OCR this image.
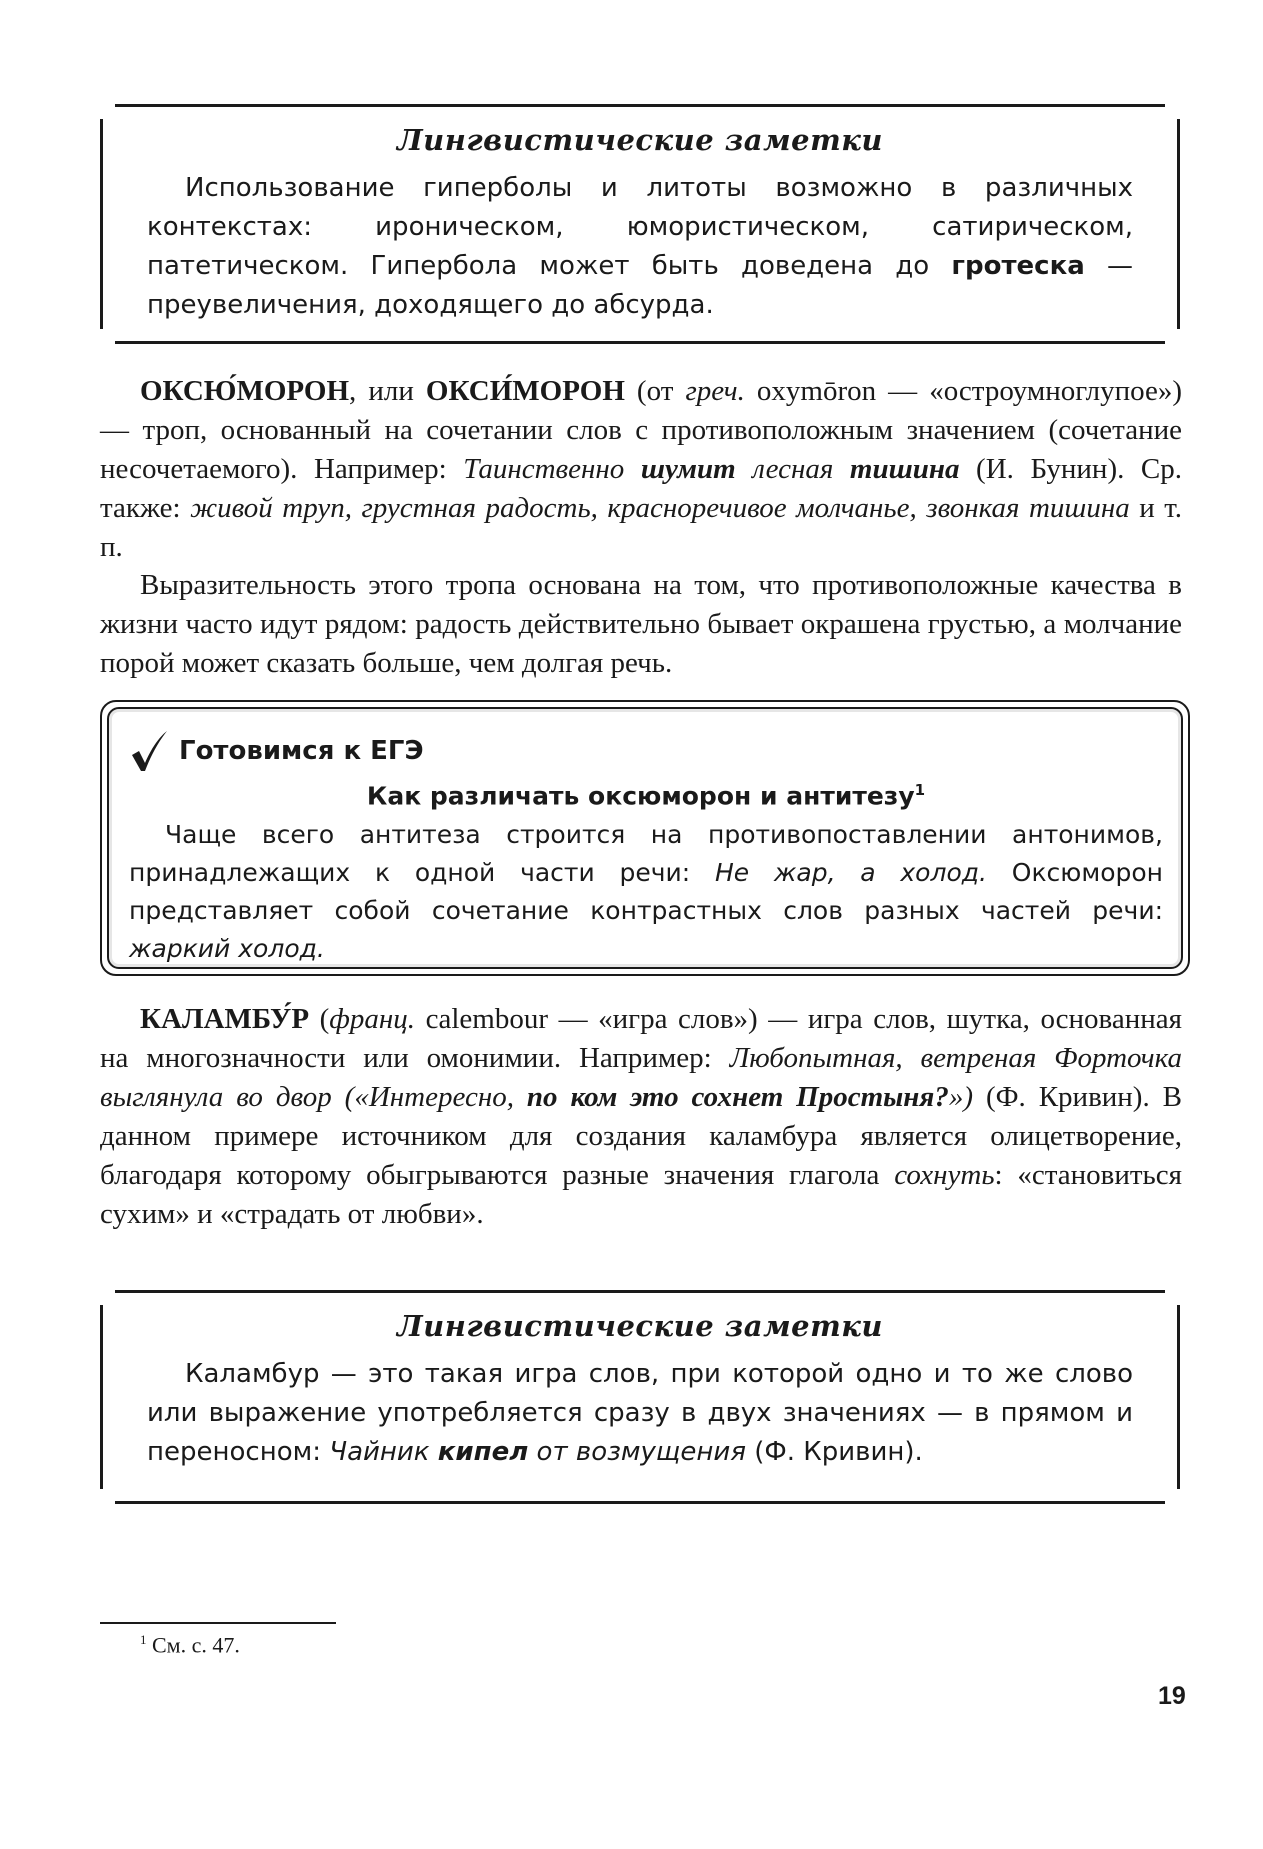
Лингвистические заметки

Использование гиперболы и литоты возможно в различных контекстах: ироническом, юмористическом, сатирическом, патетическом. Гипербола может быть доведена до гротеска — преувеличения, доходящего до абсурда.

ОКСЮ́МОРОН, или ОКСИ́МОРОН (от греч. oxymōron — «остроумноглупое») — троп, основанный на сочетании слов с противоположным значением (сочетание несочетаемого). Например: Таинственно шумит лесная тишина (И. Бунин). Ср. также: живой труп, грустная радость, красноречивое молчанье, звонкая тишина и т. п.

Выразительность этого тропа основана на том, что противоположные качества в жизни часто идут рядом: радость действительно бывает окрашена грустью, а молчание порой может сказать больше, чем долгая речь.

Готовимся к ЕГЭ
Как различать оксюморон и антитезу$^1$

Чаще всего антитеза строится на противопоставлении антонимов, принадлежащих к одной части речи: Не жар, а холод. Оксюморон представляет собой сочетание контрастных слов разных частей речи: жаркий холод.

КАЛАМБУ́Р (франц. calembour — «игра слов») — игра слов, шутка, основанная на многозначности или омонимии. Например: Любопытная, ветреная Форточка выглянула во двор («Интересно, по ком это сохнет Простыня?») (Ф. Кривин). В данном примере источником для создания каламбура является олицетворение, благодаря которому обыгрываются разные значения глагола сохнуть: «становиться сухим» и «страдать от любви».

Лингвистические заметки

Каламбур — это такая игра слов, при которой одно и то же слово или выражение употребляется сразу в двух значениях — в прямом и переносном: Чайник кипел от возмущения (Ф. Кривин).

$^1$ См. с. 47.
19
